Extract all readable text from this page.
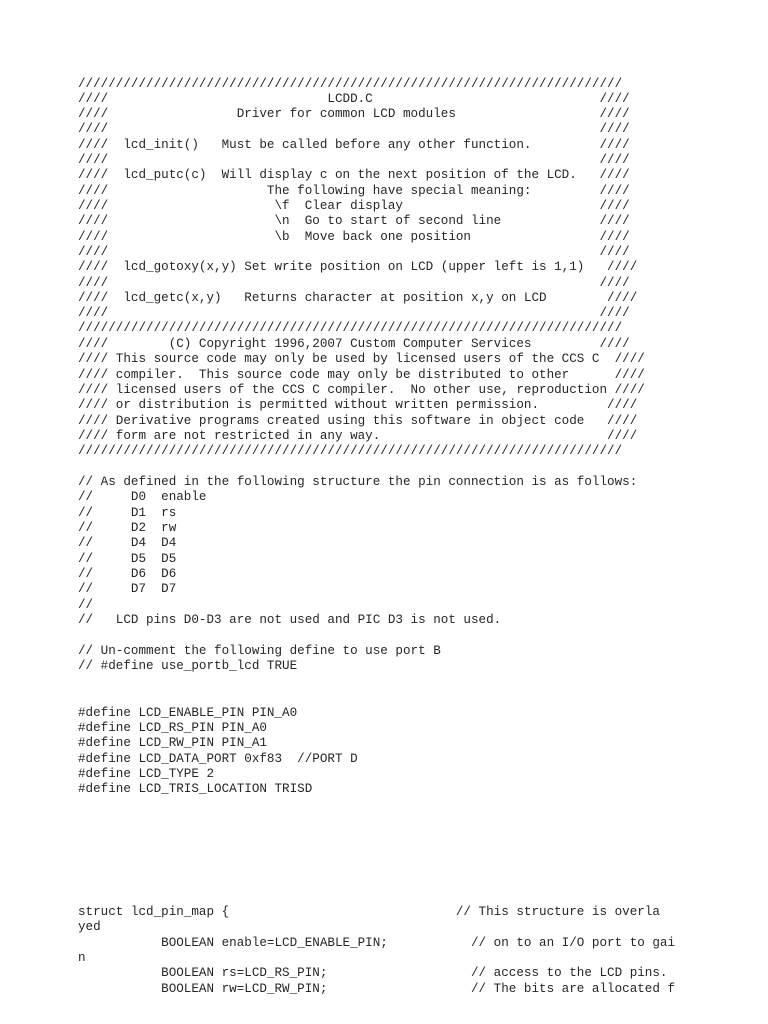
////////////////////////////////////////////////////////////////////////
////                             LCDD.C                              ////
////                 Driver for common LCD modules                   ////
////                                                                 ////
////  lcd_init()   Must be called before any other function.         ////
////                                                                 ////
////  lcd_putc(c)  Will display c on the next position of the LCD.   ////
////                     The following have special meaning:         ////
////                      \f  Clear display                          ////
////                      \n  Go to start of second line             ////
////                      \b  Move back one position                 ////
////                                                                 ////
////  lcd_gotoxy(x,y) Set write position on LCD (upper left is 1,1)   ////
////                                                                 ////
////  lcd_getc(x,y)   Returns character at position x,y on LCD        ////
////                                                                 ////
////////////////////////////////////////////////////////////////////////
////        (C) Copyright 1996,2007 Custom Computer Services         ////
//// This source code may only be used by licensed users of the CCS C  ////
//// compiler.  This source code may only be distributed to other      ////
//// licensed users of the CCS C compiler.  No other use, reproduction ////
//// or distribution is permitted without written permission.         ////
//// Derivative programs created using this software in object code   ////
//// form are not restricted in any way.                              ////
////////////////////////////////////////////////////////////////////////
// As defined in the following structure the pin connection is as follows:
//     D0  enable
//     D1  rs
//     D2  rw
//     D4  D4
//     D5  D5
//     D6  D6
//     D7  D7
//
//   LCD pins D0-D3 are not used and PIC D3 is not used.
// Un-comment the following define to use port B
// #define use_portb_lcd TRUE
#define LCD_ENABLE_PIN PIN_A0
#define LCD_RS_PIN PIN_A0
#define LCD_RW_PIN PIN_A1
#define LCD_DATA_PORT 0xf83  //PORT D
#define LCD_TYPE 2
#define LCD_TRIS_LOCATION TRISD
struct lcd_pin_map {                              // This structure is overla
yed
BOOLEAN enable=LCD_ENABLE_PIN;           // on to an I/O port to gai
n
BOOLEAN rs=LCD_RS_PIN;                   // access to the LCD pins.
BOOLEAN rw=LCD_RW_PIN;                   // The bits are allocated f
